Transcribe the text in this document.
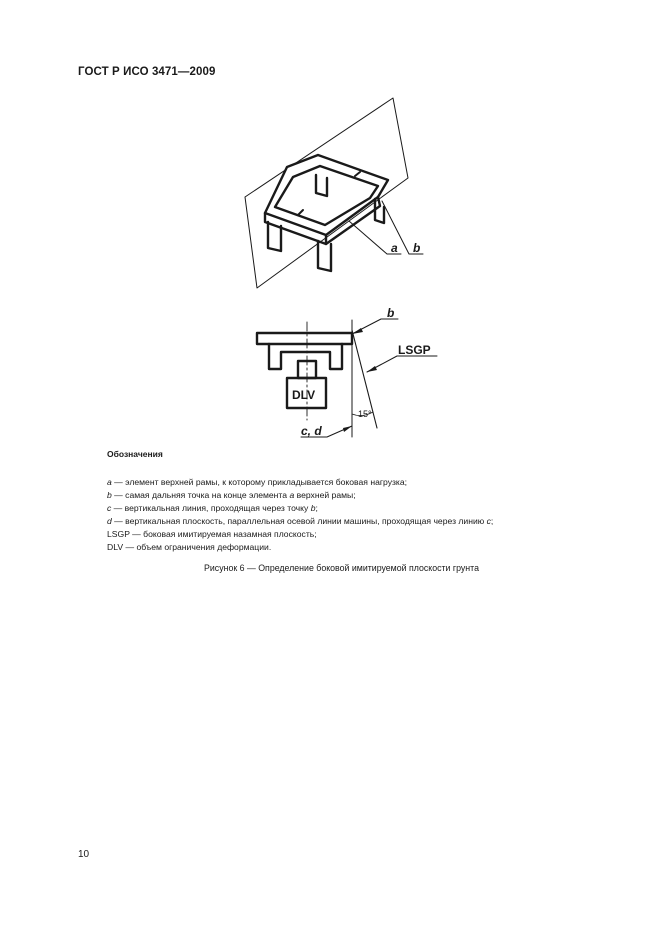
ГОСТ Р ИСО 3471—2009
a b
b
LSGP
DLV
15°
c, d
Обозначения
a — элемент верхней рамы, к которому прикладывается боковая нагрузка;
b — самая дальняя точка на конце элемента a верхней рамы;
c — вертикальная линия, проходящая через точку b;
d — вертикальная плоскость, параллельная осевой линии машины, проходящая через линию c;
LSGP — боковая имитируемая назамная плоскость;
DLV — объем ограничения деформации.
Рисунок 6 — Определение боковой имитируемой плоскости грунта
10
